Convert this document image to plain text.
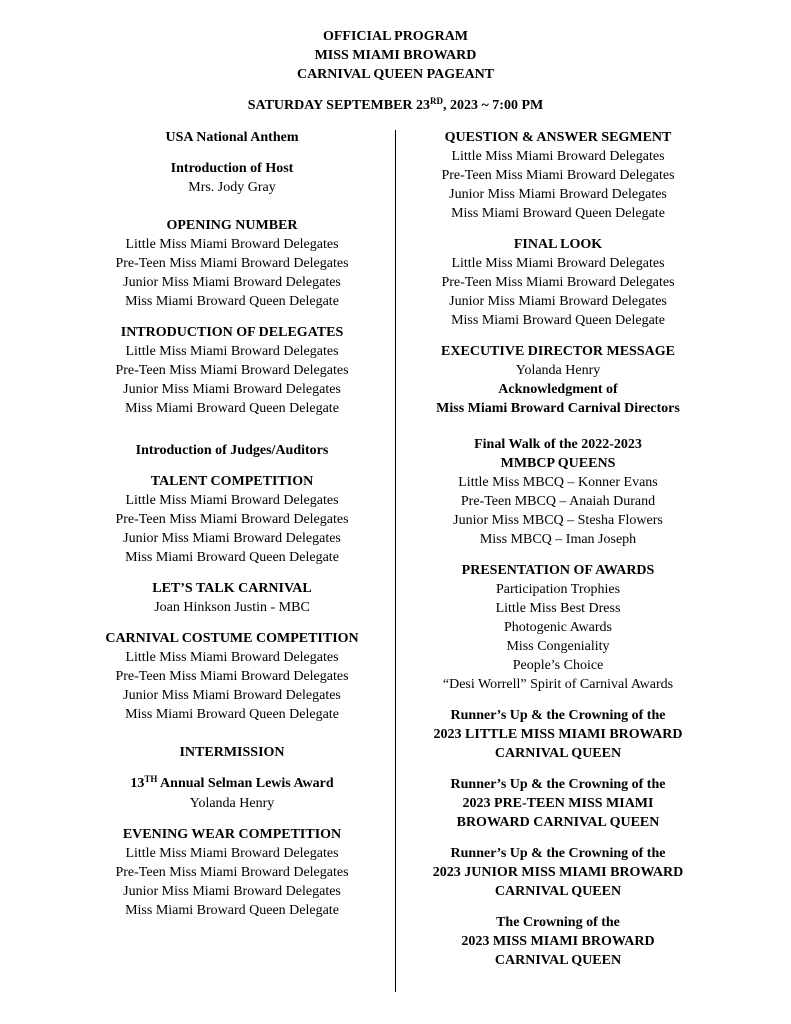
OFFICIAL PROGRAM
MISS MIAMI BROWARD
CARNIVAL QUEEN PAGEANT
SATURDAY SEPTEMBER 23RD, 2023 ~ 7:00 PM
USA National Anthem
Introduction of Host
Mrs. Jody Gray
OPENING NUMBER
Little Miss Miami Broward Delegates
Pre-Teen Miss Miami Broward Delegates
Junior Miss Miami Broward Delegates
Miss Miami Broward Queen Delegate
INTRODUCTION OF DELEGATES
Little Miss Miami Broward Delegates
Pre-Teen Miss Miami Broward Delegates
Junior Miss Miami Broward Delegates
Miss Miami Broward Queen Delegate
Introduction of Judges/Auditors
TALENT COMPETITION
Little Miss Miami Broward Delegates
Pre-Teen Miss Miami Broward Delegates
Junior Miss Miami Broward Delegates
Miss Miami Broward Queen Delegate
LET’S TALK CARNIVAL
Joan Hinkson Justin - MBC
CARNIVAL COSTUME COMPETITION
Little Miss Miami Broward Delegates
Pre-Teen Miss Miami Broward Delegates
Junior Miss Miami Broward Delegates
Miss Miami Broward Queen Delegate
INTERMISSION
13TH Annual Selman Lewis Award
Yolanda Henry
EVENING WEAR COMPETITION
Little Miss Miami Broward Delegates
Pre-Teen Miss Miami Broward Delegates
Junior Miss Miami Broward Delegates
Miss Miami Broward Queen Delegate
QUESTION & ANSWER SEGMENT
Little Miss Miami Broward Delegates
Pre-Teen Miss Miami Broward Delegates
Junior Miss Miami Broward Delegates
Miss Miami Broward Queen Delegate
FINAL LOOK
Little Miss Miami Broward Delegates
Pre-Teen Miss Miami Broward Delegates
Junior Miss Miami Broward Delegates
Miss Miami Broward Queen Delegate
EXECUTIVE DIRECTOR MESSAGE
Yolanda Henry
Acknowledgment of
Miss Miami Broward Carnival Directors
Final Walk of the 2022-2023
MMBCP QUEENS
Little Miss MBCQ – Konner Evans
Pre-Teen MBCQ – Anaiah Durand
Junior Miss MBCQ – Stesha Flowers
Miss MBCQ – Iman Joseph
PRESENTATION OF AWARDS
Participation Trophies
Little Miss Best Dress
Photogenic Awards
Miss Congeniality
People’s Choice
“Desi Worrell” Spirit of Carnival Awards
Runner’s Up & the Crowning of the
2023 LITTLE MISS MIAMI BROWARD
CARNIVAL QUEEN
Runner’s Up & the Crowning of the
2023 PRE-TEEN MISS MIAMI
BROWARD CARNIVAL QUEEN
Runner’s Up & the Crowning of the
2023 JUNIOR MISS MIAMI BROWARD
CARNIVAL QUEEN
The Crowning of the
2023 MISS MIAMI BROWARD
CARNIVAL QUEEN
